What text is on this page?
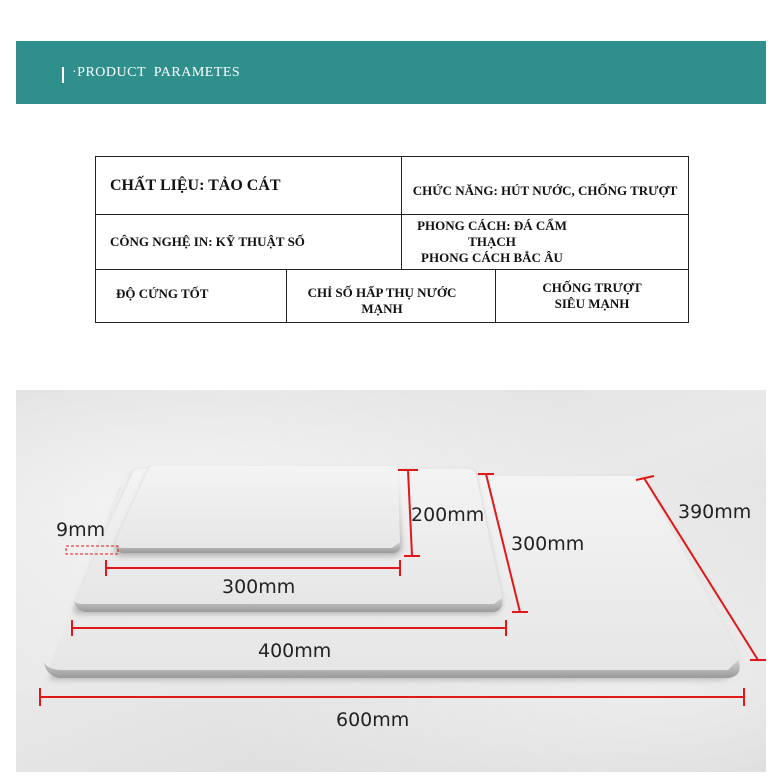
·PRODUCT  PARAMETES
CHẤT LIỆU: TẢO CÁT	CHỨC NĂNG: HÚT NƯỚC, CHỐNG TRƯỢT
CÔNG NGHỆ IN: KỸ THUẬT SỐ
PHONG CÁCH: ĐÁ CẨM THẠCH
PHONG CÁCH BẮC ÂU
ĐỘ CỨNG TỐT	CHỈ SỐ HẤP THỤ NƯỚC
MẠNH
CHỐNG TRƯỢT
SIÊU MẠNH
9mm
300mm
200mm
300mm
400mm
390mm
600mm
